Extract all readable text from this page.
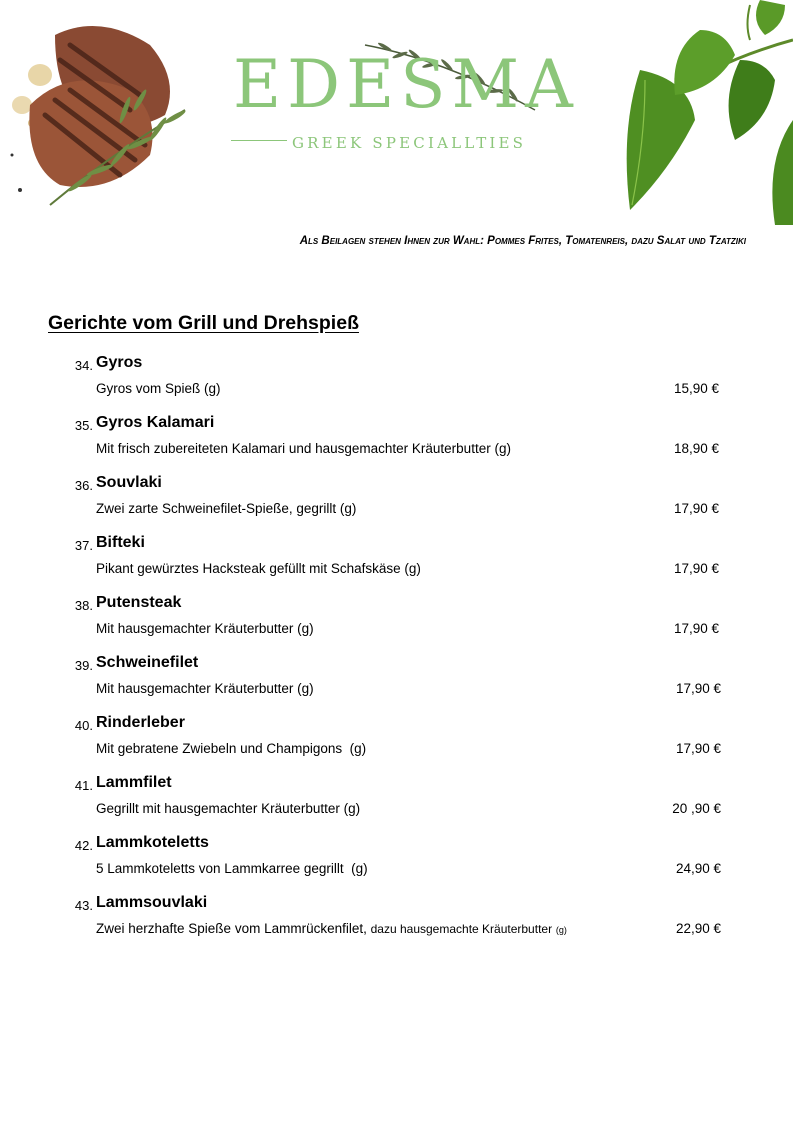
EDESMA
GREEK SPECIALLTIES
Als Beilagen stehen Ihnen zur Wahl: Pommes Frites, Tomatenreis, dazu Salat und Tzatziki
Gerichte vom Grill und Drehspieß
34. Gyros
Gyros vom Spieß (g)	15,90 €
35. Gyros Kalamari
Mit frisch zubereiteten Kalamari und hausgemachter Kräuterbutter (g)	18,90 €
36. Souvlaki
Zwei zarte Schweinefilet-Spieße, gegrillt (g)	17,90 €
37. Bifteki
Pikant gewürztes Hacksteak gefüllt mit Schafskäse (g)	17,90 €
38. Putensteak
Mit hausgemachter Kräuterbutter (g)	17,90 €
39. Schweinefilet
Mit hausgemachter Kräuterbutter (g)	17,90 €
40. Rinderleber
Mit gebratene Zwiebeln und Champigons  (g)	17,90 €
41. Lammfilet
Gegrillt mit hausgemachter Kräuterbutter (g)	20 ,90 €
42. Lammkoteletts
5 Lammkoteletts von Lammkarree gegrillt  (g)	24,90 €
43. Lammsouvlaki
Zwei herzhafte Spieße vom Lammrückenfilet, dazu hausgemachte Kräuterbutter (g)	22,90 €
